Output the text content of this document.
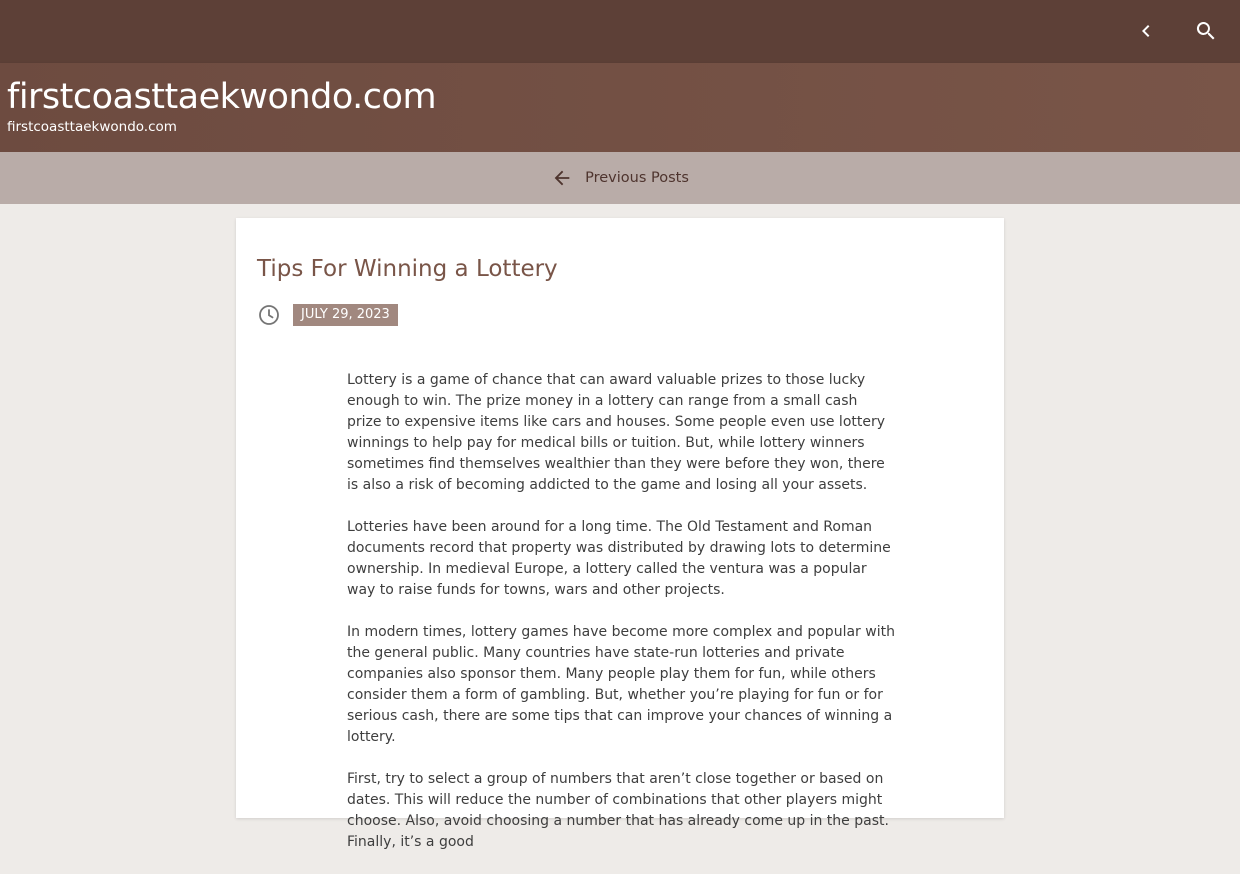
firstcoasttaekwondo.com
firstcoasttaekwondo.com
Previous Posts
Tips For Winning a Lottery
JULY 29, 2023

Lottery is a game of chance that can award valuable prizes to those lucky enough to win. The prize money in a lottery can range from a small cash prize to expensive items like cars and houses. Some people even use lottery winnings to help pay for medical bills or tuition. But, while lottery winners sometimes find themselves wealthier than they were before they won, there is also a risk of becoming addicted to the game and losing all your assets.

Lotteries have been around for a long time. The Old Testament and Roman documents record that property was distributed by drawing lots to determine ownership. In medieval Europe, a lottery called the ventura was a popular way to raise funds for towns, wars and other projects.

In modern times, lottery games have become more complex and popular with the general public. Many countries have state-run lotteries and private companies also sponsor them. Many people play them for fun, while others consider them a form of gambling. But, whether you’re playing for fun or for serious cash, there are some tips that can improve your chances of winning a lottery.

First, try to select a group of numbers that aren’t close together or based on dates. This will reduce the number of combinations that other players might choose. Also, avoid choosing a number that has already come up in the past. Finally, it’s a good
